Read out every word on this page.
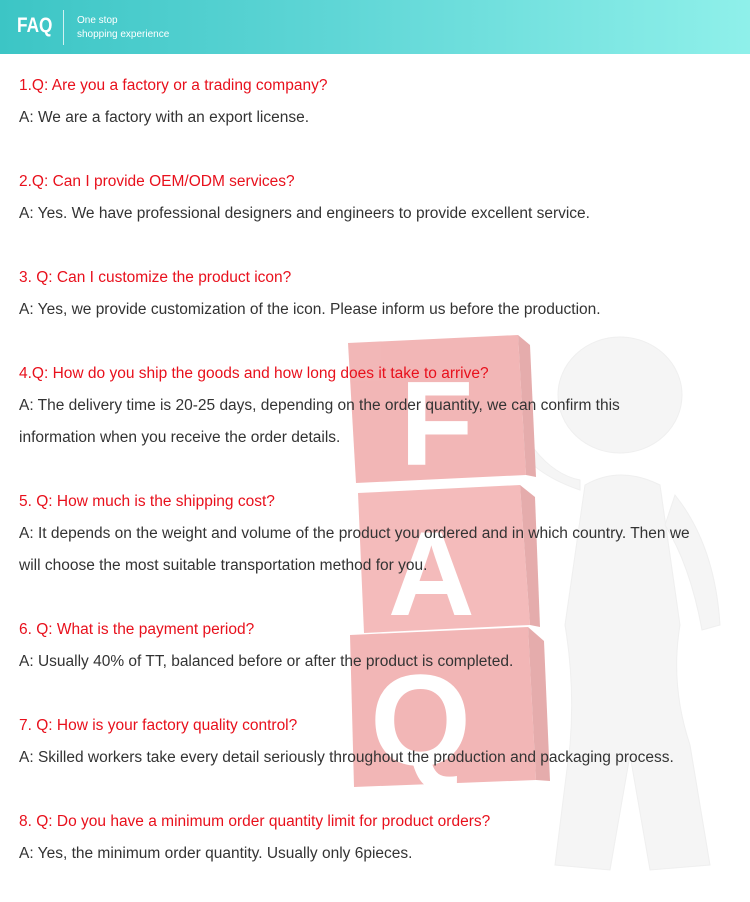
FAQ One stop
shopping experience
F
A
Q

1.Q: Are you a factory or a trading company?

A: We are a factory with an export license.

2.Q: Can I provide OEM/ODM services?

A: Yes. We have professional designers and engineers to provide excellent service.

3. Q: Can I customize the product icon?

A: Yes, we provide customization of the icon. Please inform us before the production.

4.Q: How do you ship the goods and how long does it take to arrive?

A: The delivery time is 20-25 days, depending on the order quantity, we can confirm this

information when you receive the order details.

5. Q: How much is the shipping cost?

A: It depends on the weight and volume of the product you ordered and in which country. Then we

will choose the most suitable transportation method for you.

6. Q: What is the payment period?

A: Usually 40% of TT, balanced before or after the product is completed.

7. Q: How is your factory quality control?

A: Skilled workers take every detail seriously throughout the production and packaging process.

8. Q: Do you have a minimum order quantity limit for product orders?

A: Yes, the minimum order quantity. Usually only 6pieces.
